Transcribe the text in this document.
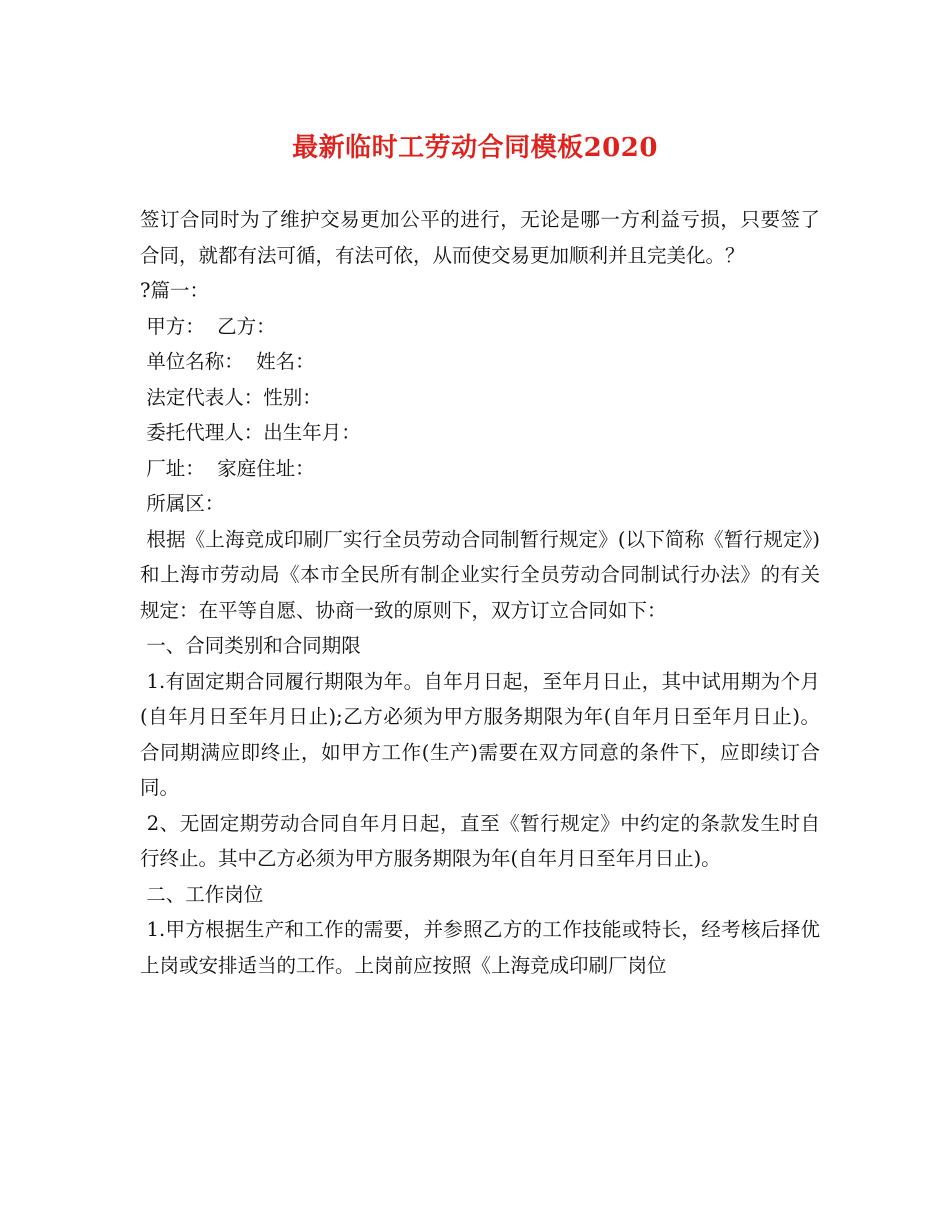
最新临时工劳动合同模板2020

签订合同时为了维护交易更加公平的进行，无论是哪一方利益亏损，只要签了合同，就都有法可循，有法可依，从而使交易更加顺利并且完美化。？

?篇一：

甲方：  乙方：

单位名称：  姓名：

法定代表人：性别：

委托代理人：出生年月：

厂址：  家庭住址：

所属区：

根据《上海竞成印刷厂实行全员劳动合同制暂行规定》(以下简称《暂行规定》)和上海市劳动局《本市全民所有制企业实行全员劳动合同制试行办法》的有关规定：在平等自愿、协商一致的原则下，双方订立合同如下：

一、合同类别和合同期限

1.有固定期合同履行期限为年。自年月日起，至年月日止，其中试用期为个月(自年月日至年月日止);乙方必须为甲方服务期限为年(自年月日至年月日止)。合同期满应即终止，如甲方工作(生产)需要在双方同意的条件下，应即续订合同。

2、无固定期劳动合同自年月日起，直至《暂行规定》中约定的条款发生时自行终止。其中乙方必须为甲方服务期限为年(自年月日至年月日止)。

二、工作岗位

1.甲方根据生产和工作的需要，并参照乙方的工作技能或特长，经考核后择优上岗或安排适当的工作。上岗前应按照《上海竞成印刷厂岗位
